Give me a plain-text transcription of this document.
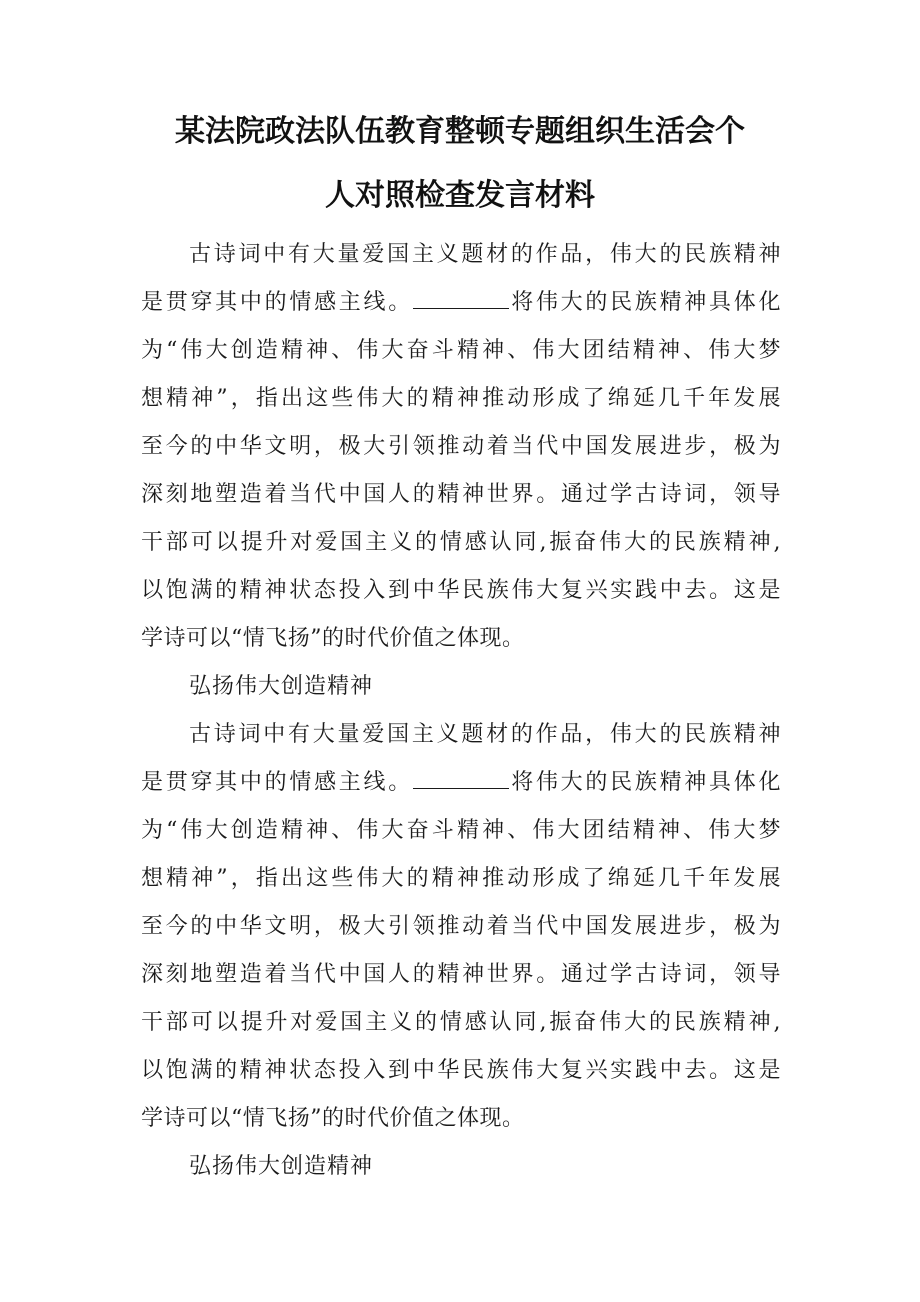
某法院政法队伍教育整顿专题组织生活会个
人对照检查发言材料
古诗词中有大量爱国主义题材的作品，伟大的民族精神
是贯穿其中的情感主线。	将伟大的民族精神具体化
为“伟大创造精神、伟大奋斗精神、伟大团结精神、伟大梦
想精神”，指出这些伟大的精神推动形成了绵延几千年发展
至今的中华文明，极大引领推动着当代中国发展进步，极为
深刻地塑造着当代中国人的精神世界。通过学古诗词，领导
干部可以提升对爱国主义的情感认同,振奋伟大的民族精神,
以饱满的精神状态投入到中华民族伟大复兴实践中去。这是
学诗可以“情飞扬”的时代价值之体现。
弘扬伟大创造精神
古诗词中有大量爱国主义题材的作品，伟大的民族精神
是贯穿其中的情感主线。	将伟大的民族精神具体化
为“伟大创造精神、伟大奋斗精神、伟大团结精神、伟大梦
想精神”，指出这些伟大的精神推动形成了绵延几千年发展
至今的中华文明，极大引领推动着当代中国发展进步，极为
深刻地塑造着当代中国人的精神世界。通过学古诗词，领导
干部可以提升对爱国主义的情感认同,振奋伟大的民族精神,
以饱满的精神状态投入到中华民族伟大复兴实践中去。这是
学诗可以“情飞扬”的时代价值之体现。
弘扬伟大创造精神
